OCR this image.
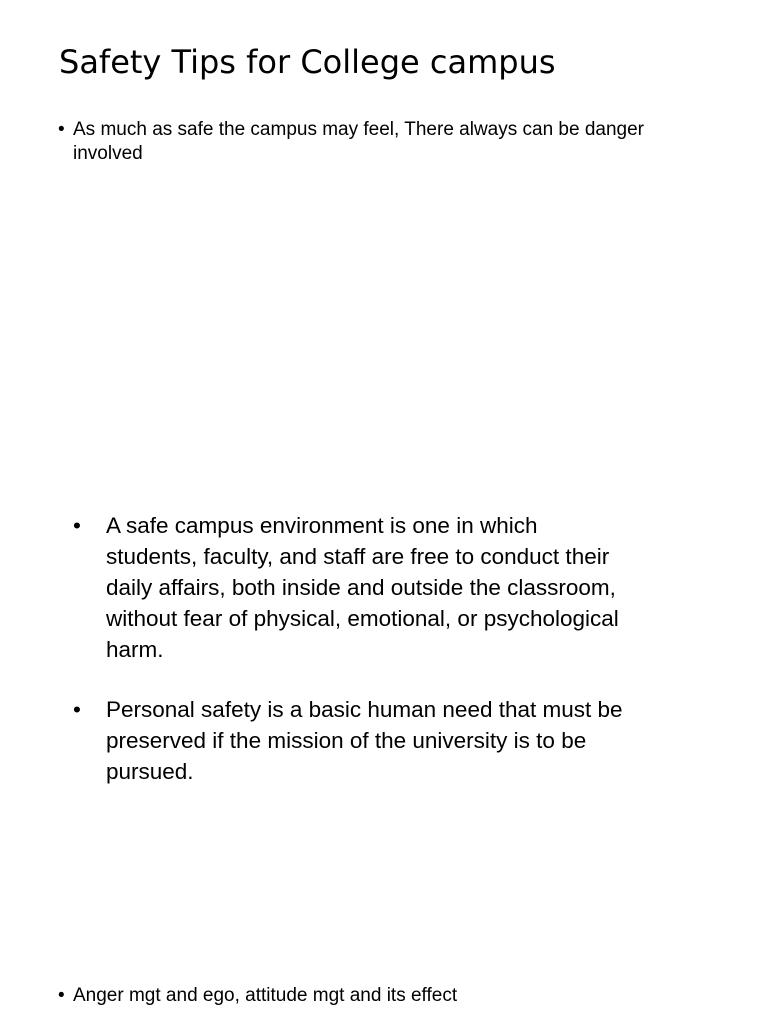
Safety Tips for College campus
• As much as safe the campus may feel, There always can be danger involved
•	A safe campus environment is one in which students, faculty, and staff are free to conduct their daily affairs, both inside and outside the classroom, without fear of physical, emotional, or psychological harm.
•	Personal safety is a basic human need that must be preserved if the mission of the university is to be pursued.
• Anger mgt and ego, attitude mgt and its effect
